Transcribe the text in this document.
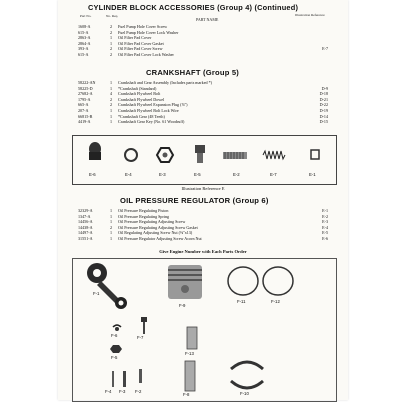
CYLINDER BLOCK ACCESSORIES (Group 4) (Continued)
Part No.	No. Req.
PART NAME
Illustration Reference
1608-A	2	Fuel Pump Hole Cover Screw
615-A	2	Fuel Pump Hole Cover Lock Washer
2863-A	1	Oil Filter Pad Cover
2864-A	1	Oil Filter Pad Cover Gasket
393-A	2	Oil Filter Pad Cover Screw	E-7
615-A	2	Oil Filter Pad Cover Lock Washer
CRANKSHAFT (Group 5)
58222-AN	1	Crankshaft and Gear Assembly (Includes parts marked *)
58225-D	1	*Crankshaft (Standard)	D-9
27682-A	4	Crankshaft Flywheel Bolt	D-18
1795-A	2	Crankshaft Flywheel Dowel	D-21
665-A	2	Crankshaft Flywheel Expansion Plug (⅞")	D-22
207-A	1	Crankshaft Flywheel Bolt Lock Wire	D-19
66815-B	1	*Crankshaft Gear (48 Teeth)	D-14
4419-A	1	Crankshaft Gear Key (No. 61 Woodruff)	D-15
E-6	E-4	E-3	E-5	E-2	E-7	E-1
Illustration Reference E
OIL PRESSURE REGULATOR (Group 6)
32329-A	1	Oil Pressure Regulating Piston	E-1
1347-A	1	Oil Pressure Regulating Spring	E-2
14456-A	1	Oil Pressure Regulating Adjusting Screw	E-3
14438-A	2	Oil Pressure Regulating Adjusting Screw Gasket	E-4
14497-A	1	Oil Regulating Adjusting Screw Nut (⅜"x13)	E-5
31551-A	1	Oil Pressure Regulator Adjusting Screw Acorn Nut	E-6
Give Engine Number with Each Parts Order
F-1
F-9
F-11	F-12
F-6	F-7
F-5
F-13
F-4 F-3 F-2
F-8	F-10
